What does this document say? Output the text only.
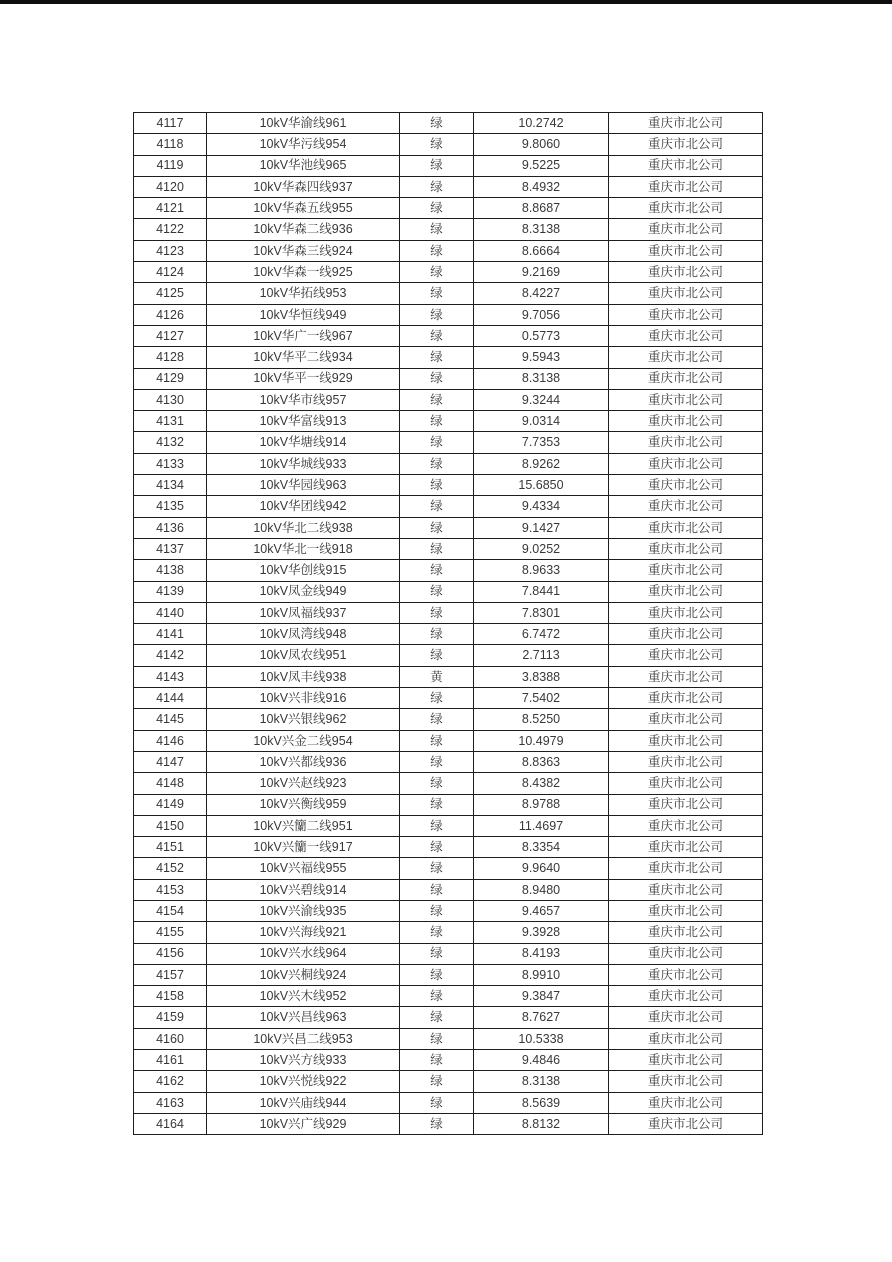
4117	10kV华渝线961	绿	10.2742	重庆市北公司
4118	10kV华污线954	绿	9.8060	重庆市北公司
4119	10kV华池线965	绿	9.5225	重庆市北公司
4120	10kV华森四线937	绿	8.4932	重庆市北公司
4121	10kV华森五线955	绿	8.8687	重庆市北公司
4122	10kV华森二线936	绿	8.3138	重庆市北公司
4123	10kV华森三线924	绿	8.6664	重庆市北公司
4124	10kV华森一线925	绿	9.2169	重庆市北公司
4125	10kV华拓线953	绿	8.4227	重庆市北公司
4126	10kV华恒线949	绿	9.7056	重庆市北公司
4127	10kV华广一线967	绿	0.5773	重庆市北公司
4128	10kV华平二线934	绿	9.5943	重庆市北公司
4129	10kV华平一线929	绿	8.3138	重庆市北公司
4130	10kV华市线957	绿	9.3244	重庆市北公司
4131	10kV华富线913	绿	9.0314	重庆市北公司
4132	10kV华塘线914	绿	7.7353	重庆市北公司
4133	10kV华城线933	绿	8.9262	重庆市北公司
4134	10kV华园线963	绿	15.6850	重庆市北公司
4135	10kV华团线942	绿	9.4334	重庆市北公司
4136	10kV华北二线938	绿	9.1427	重庆市北公司
4137	10kV华北一线918	绿	9.0252	重庆市北公司
4138	10kV华创线915	绿	8.9633	重庆市北公司
4139	10kV凤金线949	绿	7.8441	重庆市北公司
4140	10kV凤福线937	绿	7.8301	重庆市北公司
4141	10kV凤湾线948	绿	6.7472	重庆市北公司
4142	10kV凤农线951	绿	2.7113	重庆市北公司
4143	10kV凤丰线938	黄	3.8388	重庆市北公司
4144	10kV兴非线916	绿	7.5402	重庆市北公司
4145	10kV兴银线962	绿	8.5250	重庆市北公司
4146	10kV兴金二线954	绿	10.4979	重庆市北公司
4147	10kV兴都线936	绿	8.8363	重庆市北公司
4148	10kV兴赵线923	绿	8.4382	重庆市北公司
4149	10kV兴衡线959	绿	8.9788	重庆市北公司
4150	10kV兴籣二线951	绿	11.4697	重庆市北公司
4151	10kV兴籣一线917	绿	8.3354	重庆市北公司
4152	10kV兴福线955	绿	9.9640	重庆市北公司
4153	10kV兴碧线914	绿	8.9480	重庆市北公司
4154	10kV兴渝线935	绿	9.4657	重庆市北公司
4155	10kV兴海线921	绿	9.3928	重庆市北公司
4156	10kV兴水线964	绿	8.4193	重庆市北公司
4157	10kV兴桐线924	绿	8.9910	重庆市北公司
4158	10kV兴木线952	绿	9.3847	重庆市北公司
4159	10kV兴昌线963	绿	8.7627	重庆市北公司
4160	10kV兴昌二线953	绿	10.5338	重庆市北公司
4161	10kV兴方线933	绿	9.4846	重庆市北公司
4162	10kV兴悦线922	绿	8.3138	重庆市北公司
4163	10kV兴庙线944	绿	8.5639	重庆市北公司
4164	10kV兴广线929	绿	8.8132	重庆市北公司
